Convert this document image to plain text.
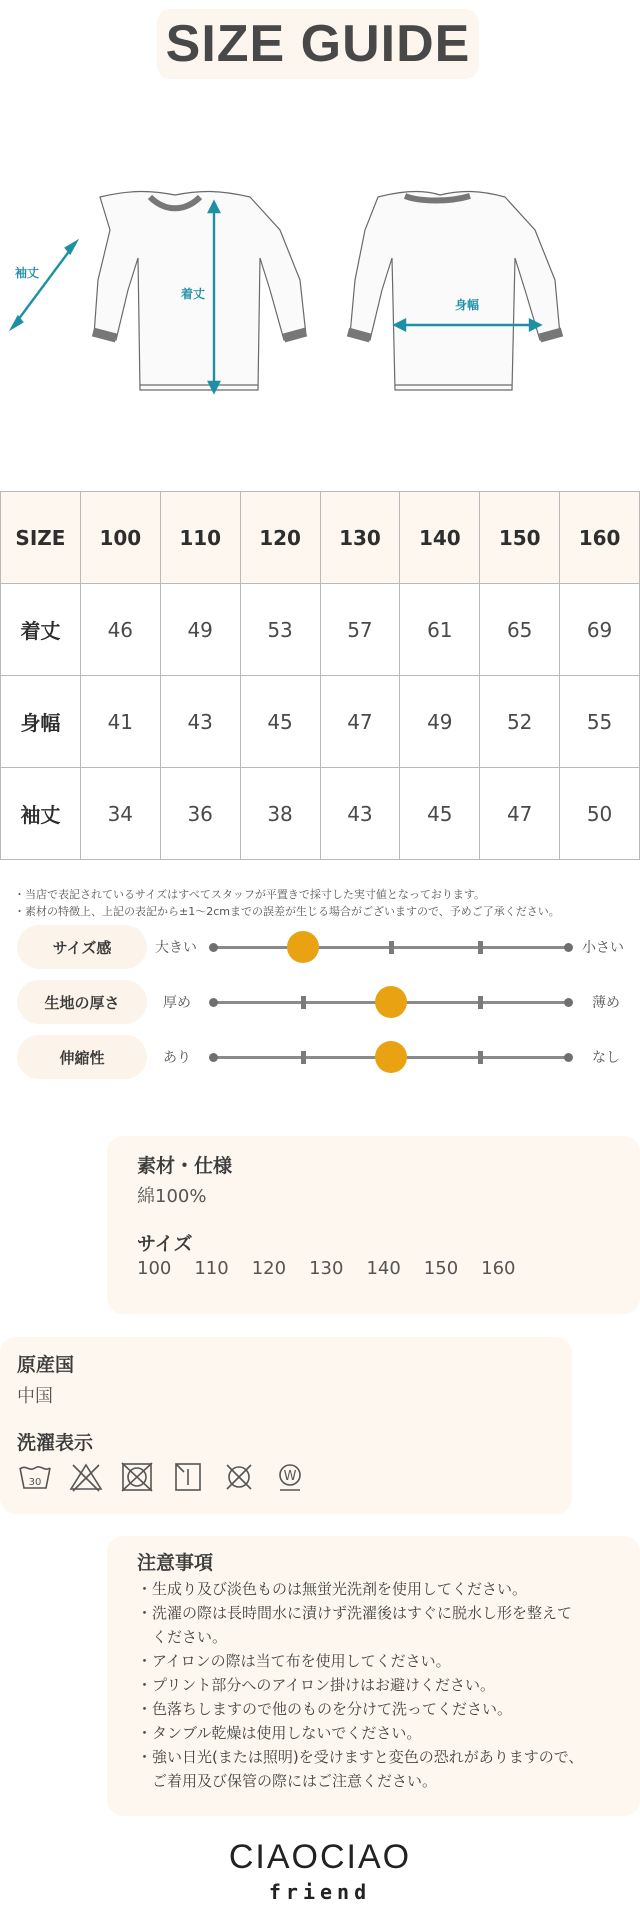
SIZE GUIDE
袖丈
着丈
身幅
SIZE	100	110	120	130	140	150	160
着丈	46	49	53	57	61	65	69
身幅	41	43	45	47	49	52	55
袖丈	34	36	38	43	45	47	50
・当店で表記されているサイズはすべてスタッフが平置きで採寸した実寸値となっております。
・素材の特徴上、上記の表記から±1〜2cmまでの誤差が生じる場合がございますので、予めご了承ください。
サイズ感	大きい	小さい
生地の厚さ	厚め	薄め
伸縮性	あり	なし
素材・仕様
綿100%
サイズ
100 110 120 130 140 150 160
原産国
中国
洗濯表示
30	W
注意事項
・生成り及び淡色ものは無蛍光洗剤を使用してください。
・洗濯の際は長時間水に漬けず洗濯後はすぐに脱水し形を整えて
　ください。
・アイロンの際は当て布を使用してください。
・プリント部分へのアイロン掛けはお避けください。
・色落ちしますので他のものを分けて洗ってください。
・タンブル乾燥は使用しないでください。
・強い日光(または照明)を受けますと変色の恐れがありますので、
　ご着用及び保管の際にはご注意ください。
CIAOCIAO
friend
